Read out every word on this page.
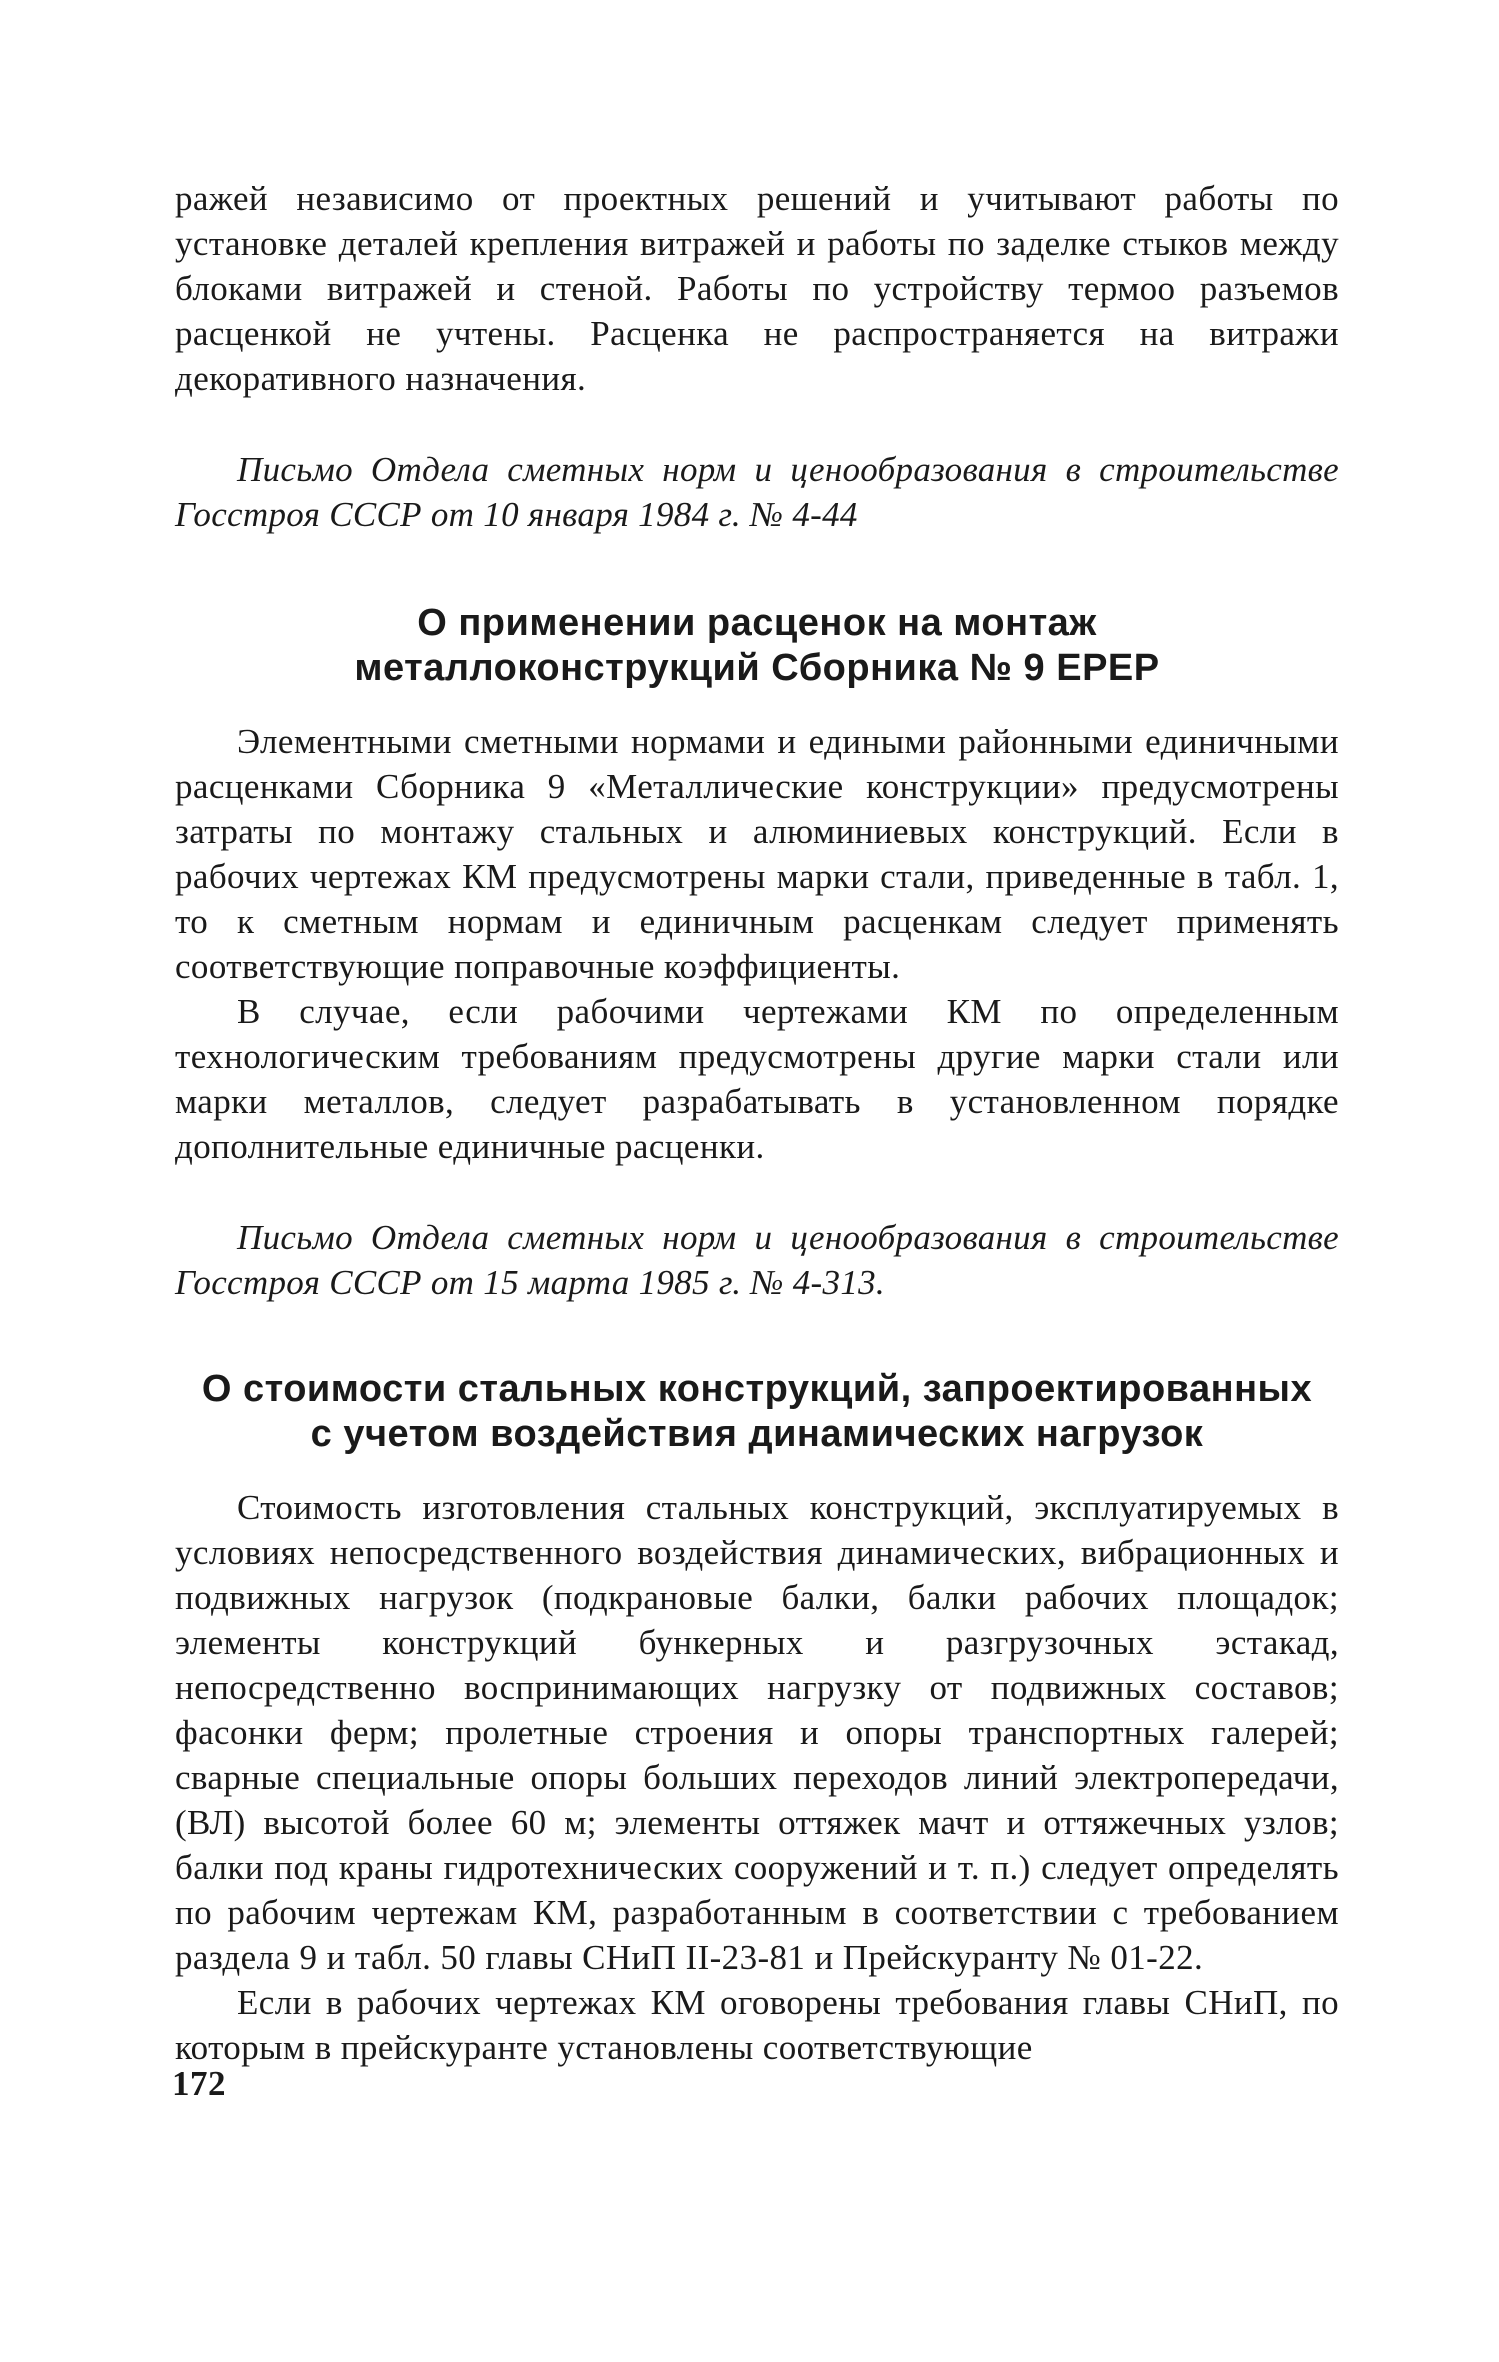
ражей независимо от проектных решений и учитывают работы по установке деталей крепления витражей и работы по заделке стыков между блоками витражей и стеной. Работы по устройству термоо разъемов расценкой не учтены. Расценка не распространяется на витражи декоративного назначения.

Письмо Отдела сметных норм и ценообразования в строительстве Госстроя СССР от 10 января 1984 г. № 4-44

О применении расценок на монтаж
металлоконструкций Сборника № 9 ЕРЕР

Элементными сметными нормами и едиными районными единичными расценками Сборника 9 «Металлические конструкции» предусмотрены затраты по монтажу стальных и алюминиевых конструкций. Если в рабочих чертежах КМ предусмотрены марки стали, приведенные в табл. 1, то к сметным нормам и единичным расценкам следует применять соответствующие поправочные коэффициенты.

В случае, если рабочими чертежами КМ по определенным технологическим требованиям предусмотрены другие марки стали или марки металлов, следует разрабатывать в установленном порядке дополнительные единичные расценки.

Письмо Отдела сметных норм и ценообразования в строительстве Госстроя СССР от 15 марта 1985 г. № 4-313.

О стоимости стальных конструкций, запроектированных
с учетом воздействия динамических нагрузок

Стоимость изготовления стальных конструкций, эксплуатируемых в условиях непосредственного воздействия динамических, вибрационных и подвижных нагрузок (подкрановые балки, балки рабочих площадок; элементы конструкций бункерных и разгрузочных эстакад, непосредственно воспринимающих нагрузку от подвижных составов; фасонки ферм; пролетные строения и опоры транспортных галерей; сварные специальные опоры больших переходов линий электропередачи, (ВЛ) высотой более 60 м; элементы оттяжек мачт и оттяжечных узлов; балки под краны гидротехнических сооружений и т. п.) следует определять по рабочим чертежам КМ, разработанным в соответствии с требованием раздела 9 и табл. 50 главы СНиП II-23-81 и Прейскуранту № 01-22.

Если в рабочих чертежах КМ оговорены требования главы СНиП, по которым в прейскуранте установлены соответствующие

172
